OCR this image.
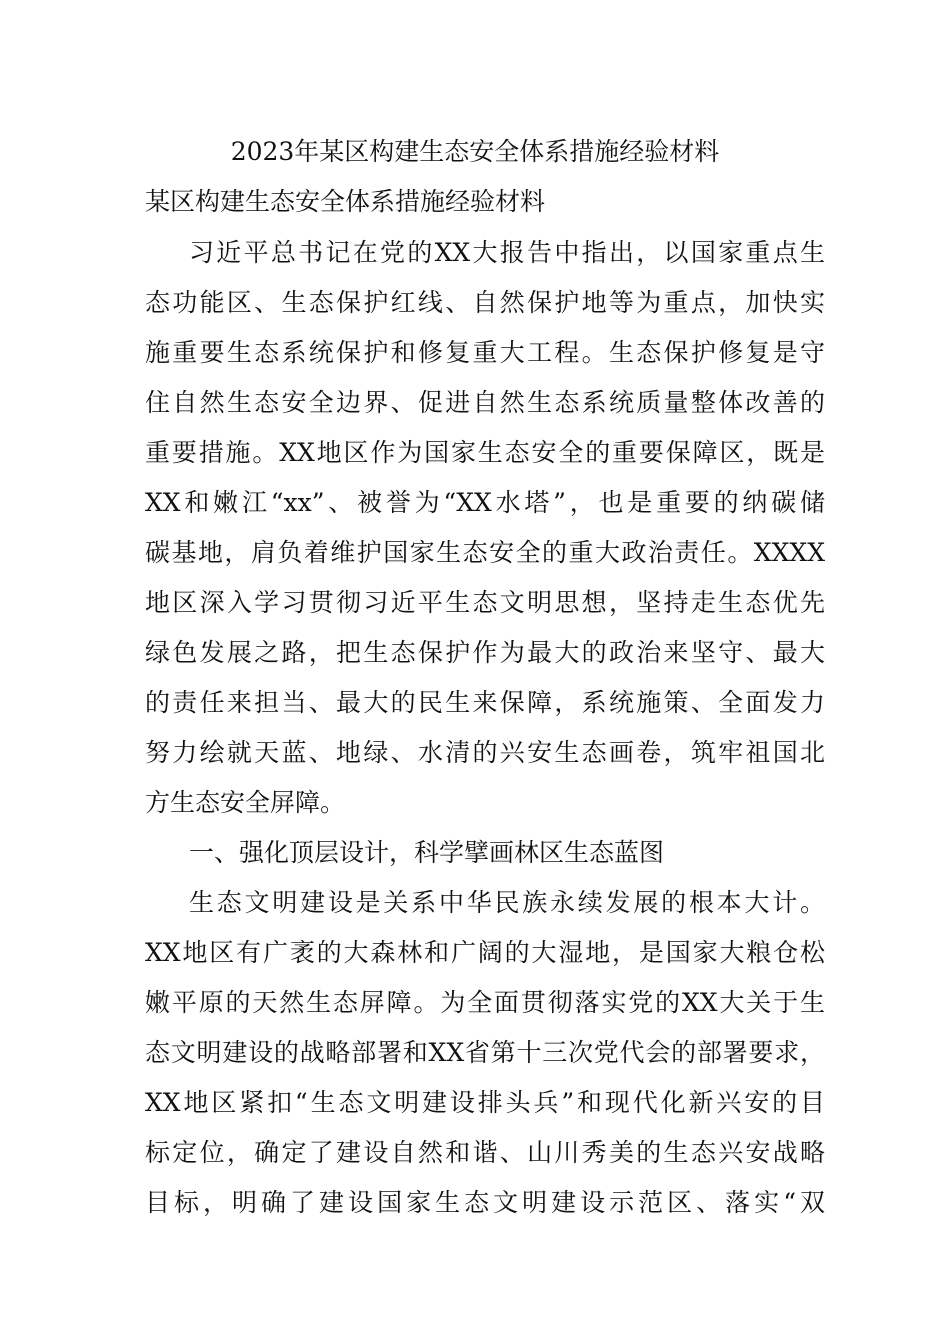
2023年某区构建生态安全体系措施经验材料
某区构建生态安全体系措施经验材料
习近平总书记在党的XX大报告中指出，以国家重点生
态功能区、生态保护红线、自然保护地等为重点，加快实
施重要生态系统保护和修复重大工程。生态保护修复是守
住自然生态安全边界、促进自然生态系统质量整体改善的
重要措施。XX地区作为国家生态安全的重要保障区，既是
XX和嫩江“xx”、被誉为“XX水塔”，也是重要的纳碳储
碳基地，肩负着维护国家生态安全的重大政治责任。XXXX
地区深入学习贯彻习近平生态文明思想，坚持走生态优先
绿色发展之路，把生态保护作为最大的政治来坚守、最大
的责任来担当、最大的民生来保障，系统施策、全面发力
努力绘就天蓝、地绿、水清的兴安生态画卷，筑牢祖国北
方生态安全屏障。
一、强化顶层设计，科学擘画林区生态蓝图
生态文明建设是关系中华民族永续发展的根本大计。
XX地区有广袤的大森林和广阔的大湿地，是国家大粮仓松
嫩平原的天然生态屏障。为全面贯彻落实党的XX大关于生
态文明建设的战略部署和XX省第十三次党代会的部署要求，
XX地区紧扣“生态文明建设排头兵”和现代化新兴安的目
标定位，确定了建设自然和谐、山川秀美的生态兴安战略
目标，明确了建设国家生态文明建设示范区、落实“双
